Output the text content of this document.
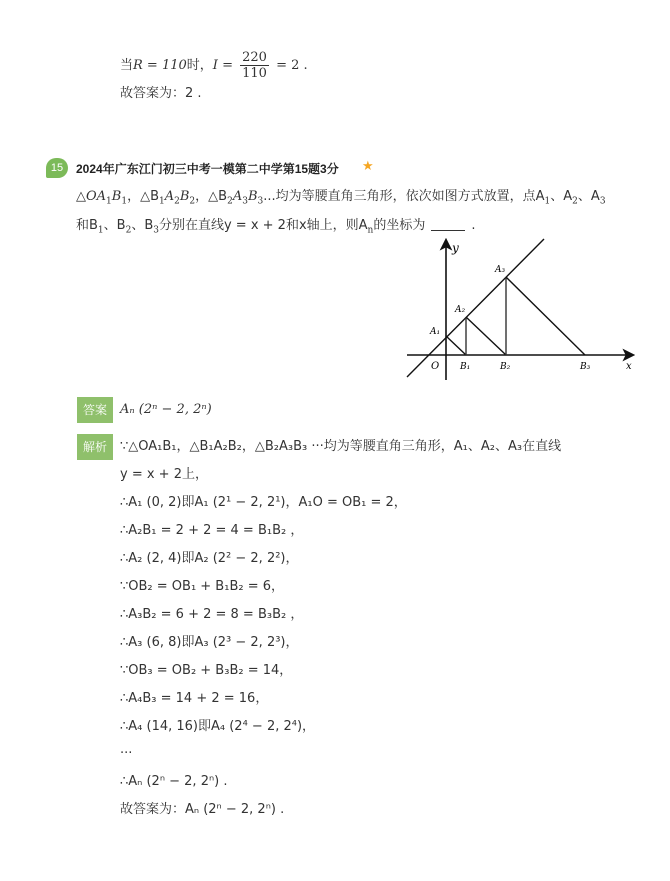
当R = 110时，$I = \frac{220}{110} = 2$ .
故答案为：2 .
15	2024年广东江门初三中考一模第二中学第15题3分 ★
$\triangle OA_1B_1$，$\triangle B_1A_2B_2$，$\triangle B_2A_3B_3$...均为等腰直角三角形，依次如图方式放置，点$A_1$、$A_2$、$A_3$
和$B_1$、$B_2$、$B_3$分别在直线y = x + 2和x轴上，则$A_n$的坐标为	.
y
x
O
A₁
A₂
A₃
B₁	B₂	B₃
答案	Aₙ (2ⁿ − 2, 2ⁿ)
解析	∵△OA₁B₁，△B₁A₂B₂，△B₂A₃B₃ ···均为等腰直角三角形，A₁、A₂、A₃在直线
y = x + 2上，
∴A₁ (0, 2)即A₁ (2¹ − 2, 2¹)，A₁O = OB₁ = 2，
∴A₂B₁ = 2 + 2 = 4 = B₁B₂ ，
∴A₂ (2, 4)即A₂ (2² − 2, 2²)，
∵OB₂ = OB₁ + B₁B₂ = 6，
∴A₃B₂ = 6 + 2 = 8 = B₃B₂ ，
∴A₃ (6, 8)即A₃ (2³ − 2, 2³)，
∵OB₃ = OB₂ + B₃B₂ = 14，
∴A₄B₃ = 14 + 2 = 16，
∴A₄ (14, 16)即A₄ (2⁴ − 2, 2⁴)，
···
∴Aₙ (2ⁿ − 2, 2ⁿ) .
故答案为：Aₙ (2ⁿ − 2, 2ⁿ) .
